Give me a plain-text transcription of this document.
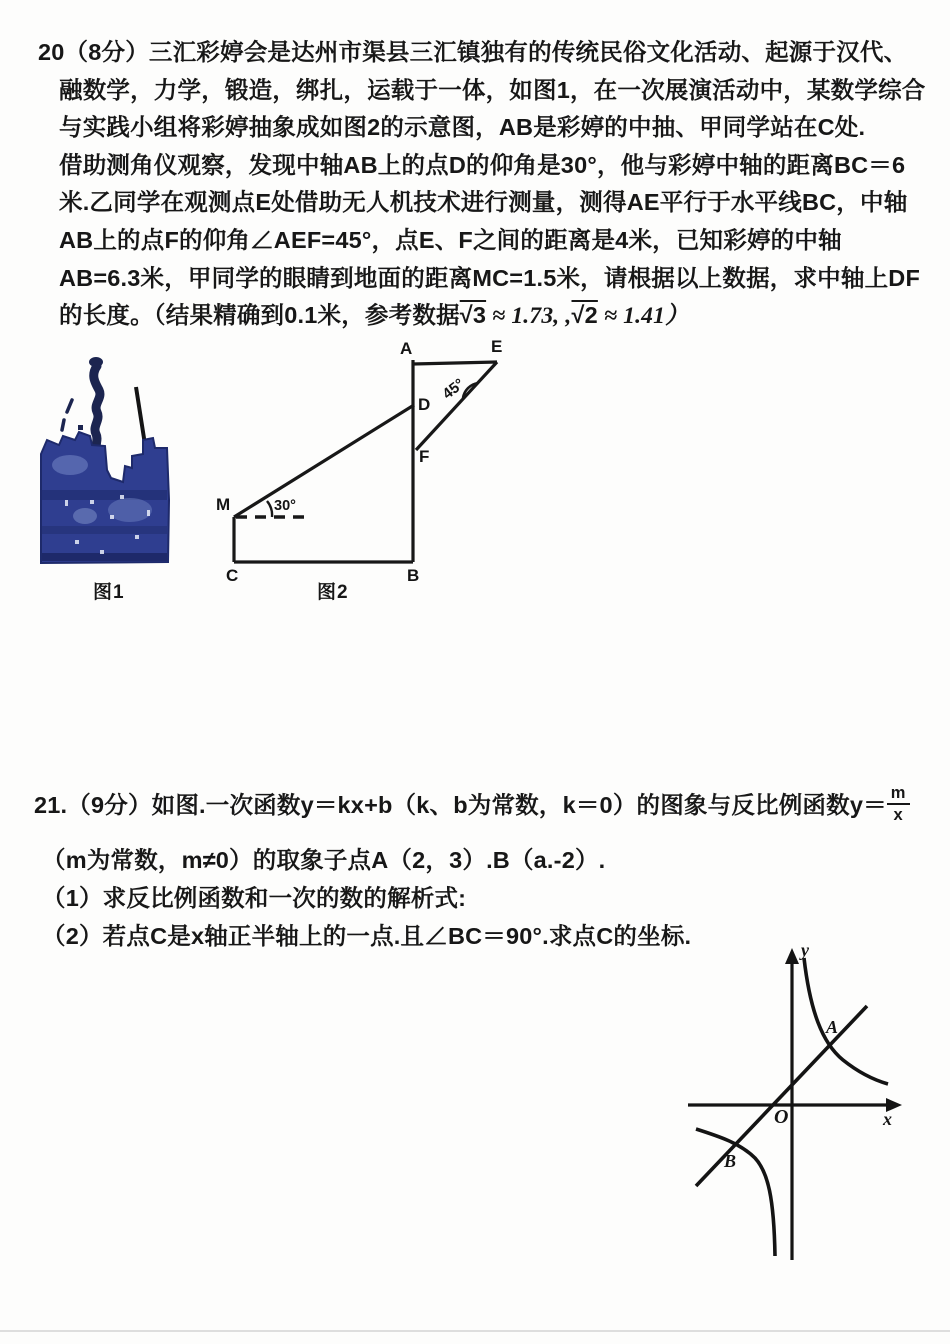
20（8分）三汇彩婷会是达州市渠县三汇镇独有的传统民俗文化活动、起源于汉代、
融数学，力学，锻造，绑扎，运载于一体，如图1，在一次展演活动中，某数学综合
与实践小组将彩婷抽象成如图2的示意图，AB是彩婷的中抽、甲同学站在C处.
借助测角仪观察，发现中轴AB上的点D的仰角是30°，他与彩婷中轴的距离BC＝6
米.乙同学在观测点E处借助无人机技术进行测量，测得AE平行于水平线BC，中轴
AB上的点F的仰角∠AEF=45°，点E、F之间的距离是4米，已知彩婷的中轴
AB=6.3米，甲同学的眼睛到地面的距离MC=1.5米，请根据以上数据，求中轴上DF
的长度。（结果精确到0.1米，参考数据√3 ≈ 1.73, ,√2 ≈ 1.41）
图1
A	E
D
F
M
C	B
30°
45°
图2
21.（9分）如图.一次函数y＝kx+b（k、b为常数，k＝0）的图象与反比例函数$y= \frac{m}{x}$
（m为常数，m≠0）的取象子点A（2，3）.B（a.-2）.
（1）求反比例函数和一次的数的解析式:
（2）若点C是x轴正半轴上的一点.且∠BC＝90°.求点C的坐标.
y
x
O
A
B
